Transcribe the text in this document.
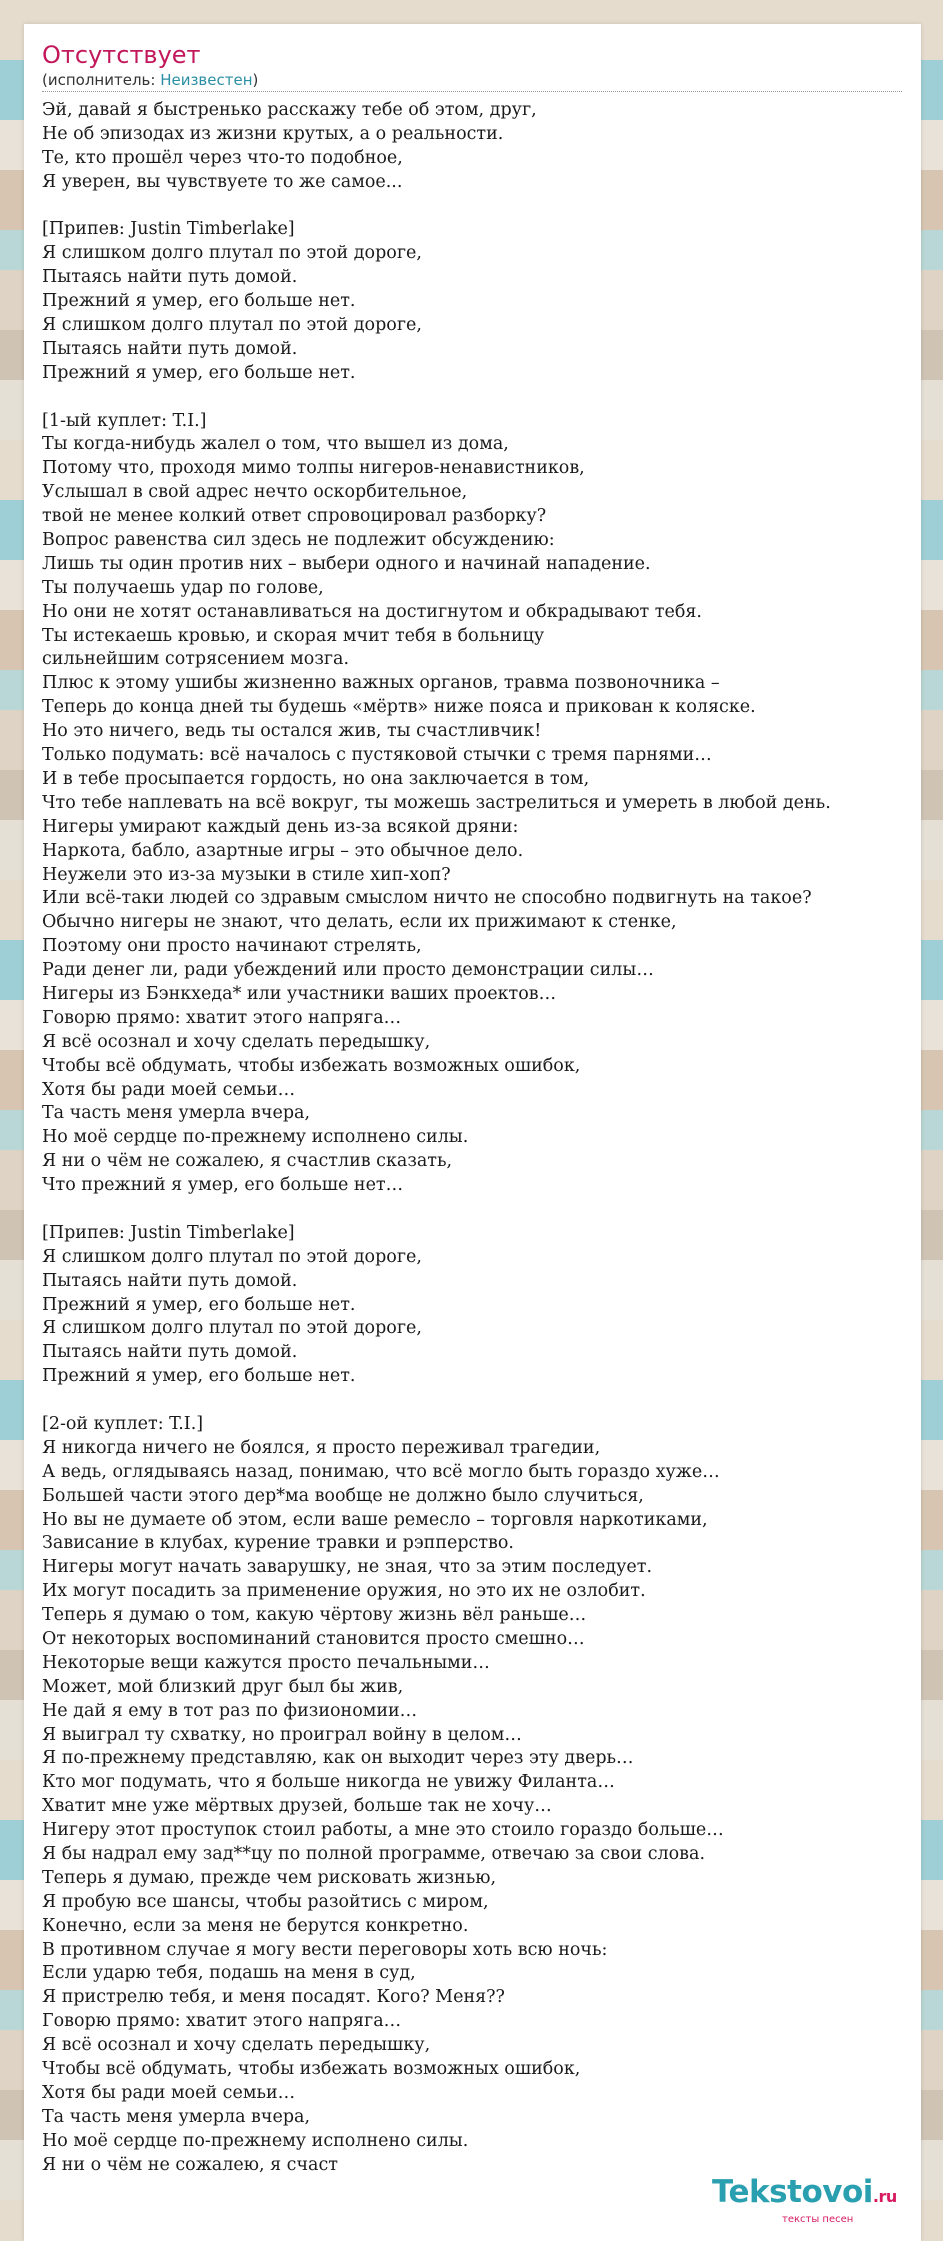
Отсутствует
(исполнитель: Неизвестен)
Эй, давай я быстренько расскажу тебе об этом, друг,
Не об эпизодах из жизни крутых, а о реальности.
Те, кто прошёл через что-то подобное,
Я уверен, вы чувствуете то же самое...
[Припев: Justin Timberlake]
Я слишком долго плутал по этой дороге,
Пытаясь найти путь домой.
Прежний я умер, его больше нет.
Я слишком долго плутал по этой дороге,
Пытаясь найти путь домой.
Прежний я умер, его больше нет.
[1-ый куплет: T.I.]
Ты когда-нибудь жалел о том, что вышел из дома,
Потому что, проходя мимо толпы нигеров-ненавистников,
Услышал в свой адрес нечто оскорбительное,
твой не менее колкий ответ спровоцировал разборку?
Вопрос равенства сил здесь не подлежит обсуждению:
Лишь ты один против них – выбери одного и начинай нападение.
Ты получаешь удар по голове,
Но они не хотят останавливаться на достигнутом и обкрадывают тебя.
Ты истекаешь кровью, и скорая мчит тебя в больницу
сильнейшим сотрясением мозга.
Плюс к этому ушибы жизненно важных органов, травма позвоночника –
Теперь до конца дней ты будешь «мёртв» ниже пояса и прикован к коляске.
Но это ничего, ведь ты остался жив, ты счастливчик!
Только подумать: всё началось с пустяковой стычки с тремя парнями…
И в тебе просыпается гордость, но она заключается в том,
Что тебе наплевать на всё вокруг, ты можешь застрелиться и умереть в любой день.
Нигеры умирают каждый день из-за всякой дряни:
Наркота, бабло, азартные игры – это обычное дело.
Неужели это из-за музыки в стиле хип-хоп?
Или всё-таки людей со здравым смыслом ничто не способно подвигнуть на такое?
Обычно нигеры не знают, что делать, если их прижимают к стенке,
Поэтому они просто начинают стрелять,
Ради денег ли, ради убеждений или просто демонстрации силы…
Нигеры из Бэнкхеда* или участники ваших проектов…
Говорю прямо: хватит этого напряга…
Я всё осознал и хочу сделать передышку,
Чтобы всё обдумать, чтобы избежать возможных ошибок,
Хотя бы ради моей семьи…
Та часть меня умерла вчера,
Но моё сердце по-прежнему исполнено силы.
Я ни о чём не сожалею, я счастлив сказать,
Что прежний я умер, его больше нет…
[Припев: Justin Timberlake]
Я слишком долго плутал по этой дороге,
Пытаясь найти путь домой.
Прежний я умер, его больше нет.
Я слишком долго плутал по этой дороге,
Пытаясь найти путь домой.
Прежний я умер, его больше нет.
[2-ой куплет: T.I.]
Я никогда ничего не боялся, я просто переживал трагедии,
А ведь, оглядываясь назад, понимаю, что всё могло быть гораздо хуже…
Большей части этого дер*ма вообще не должно было случиться,
Но вы не думаете об этом, если ваше ремесло – торговля наркотиками,
Зависание в клубах, курение травки и рэпперство.
Нигеры могут начать заварушку, не зная, что за этим последует.
Их могут посадить за применение оружия, но это их не озлобит.
Теперь я думаю о том, какую чёртову жизнь вёл раньше…
От некоторых воспоминаний становится просто смешно…
Некоторые вещи кажутся просто печальными…
Может, мой близкий друг был бы жив,
Не дай я ему в тот раз по физиономии…
Я выиграл ту схватку, но проиграл войну в целом…
Я по-прежнему представляю, как он выходит через эту дверь…
Кто мог подумать, что я больше никогда не увижу Филанта…
Хватит мне уже мёртвых друзей, больше так не хочу…
Нигеру этот проступок стоил работы, а мне это стоило гораздо больше…
Я бы надрал ему зад**цу по полной программе, отвечаю за свои слова.
Теперь я думаю, прежде чем рисковать жизнью,
Я пробую все шансы, чтобы разойтись с миром,
Конечно, если за меня не берутся конкретно.
В противном случае я могу вести переговоры хоть всю ночь:
Если ударю тебя, подашь на меня в суд,
Я пристрелю тебя, и меня посадят. Кого? Меня??
Говорю прямо: хватит этого напряга…
Я всё осознал и хочу сделать передышку,
Чтобы всё обдумать, чтобы избежать возможных ошибок,
Хотя бы ради моей семьи…
Та часть меня умерла вчера,
Но моё сердце по-прежнему исполнено силы.
Я ни о чём не сожалею, я счаст
Tekstovoi.ru
тексты песен
